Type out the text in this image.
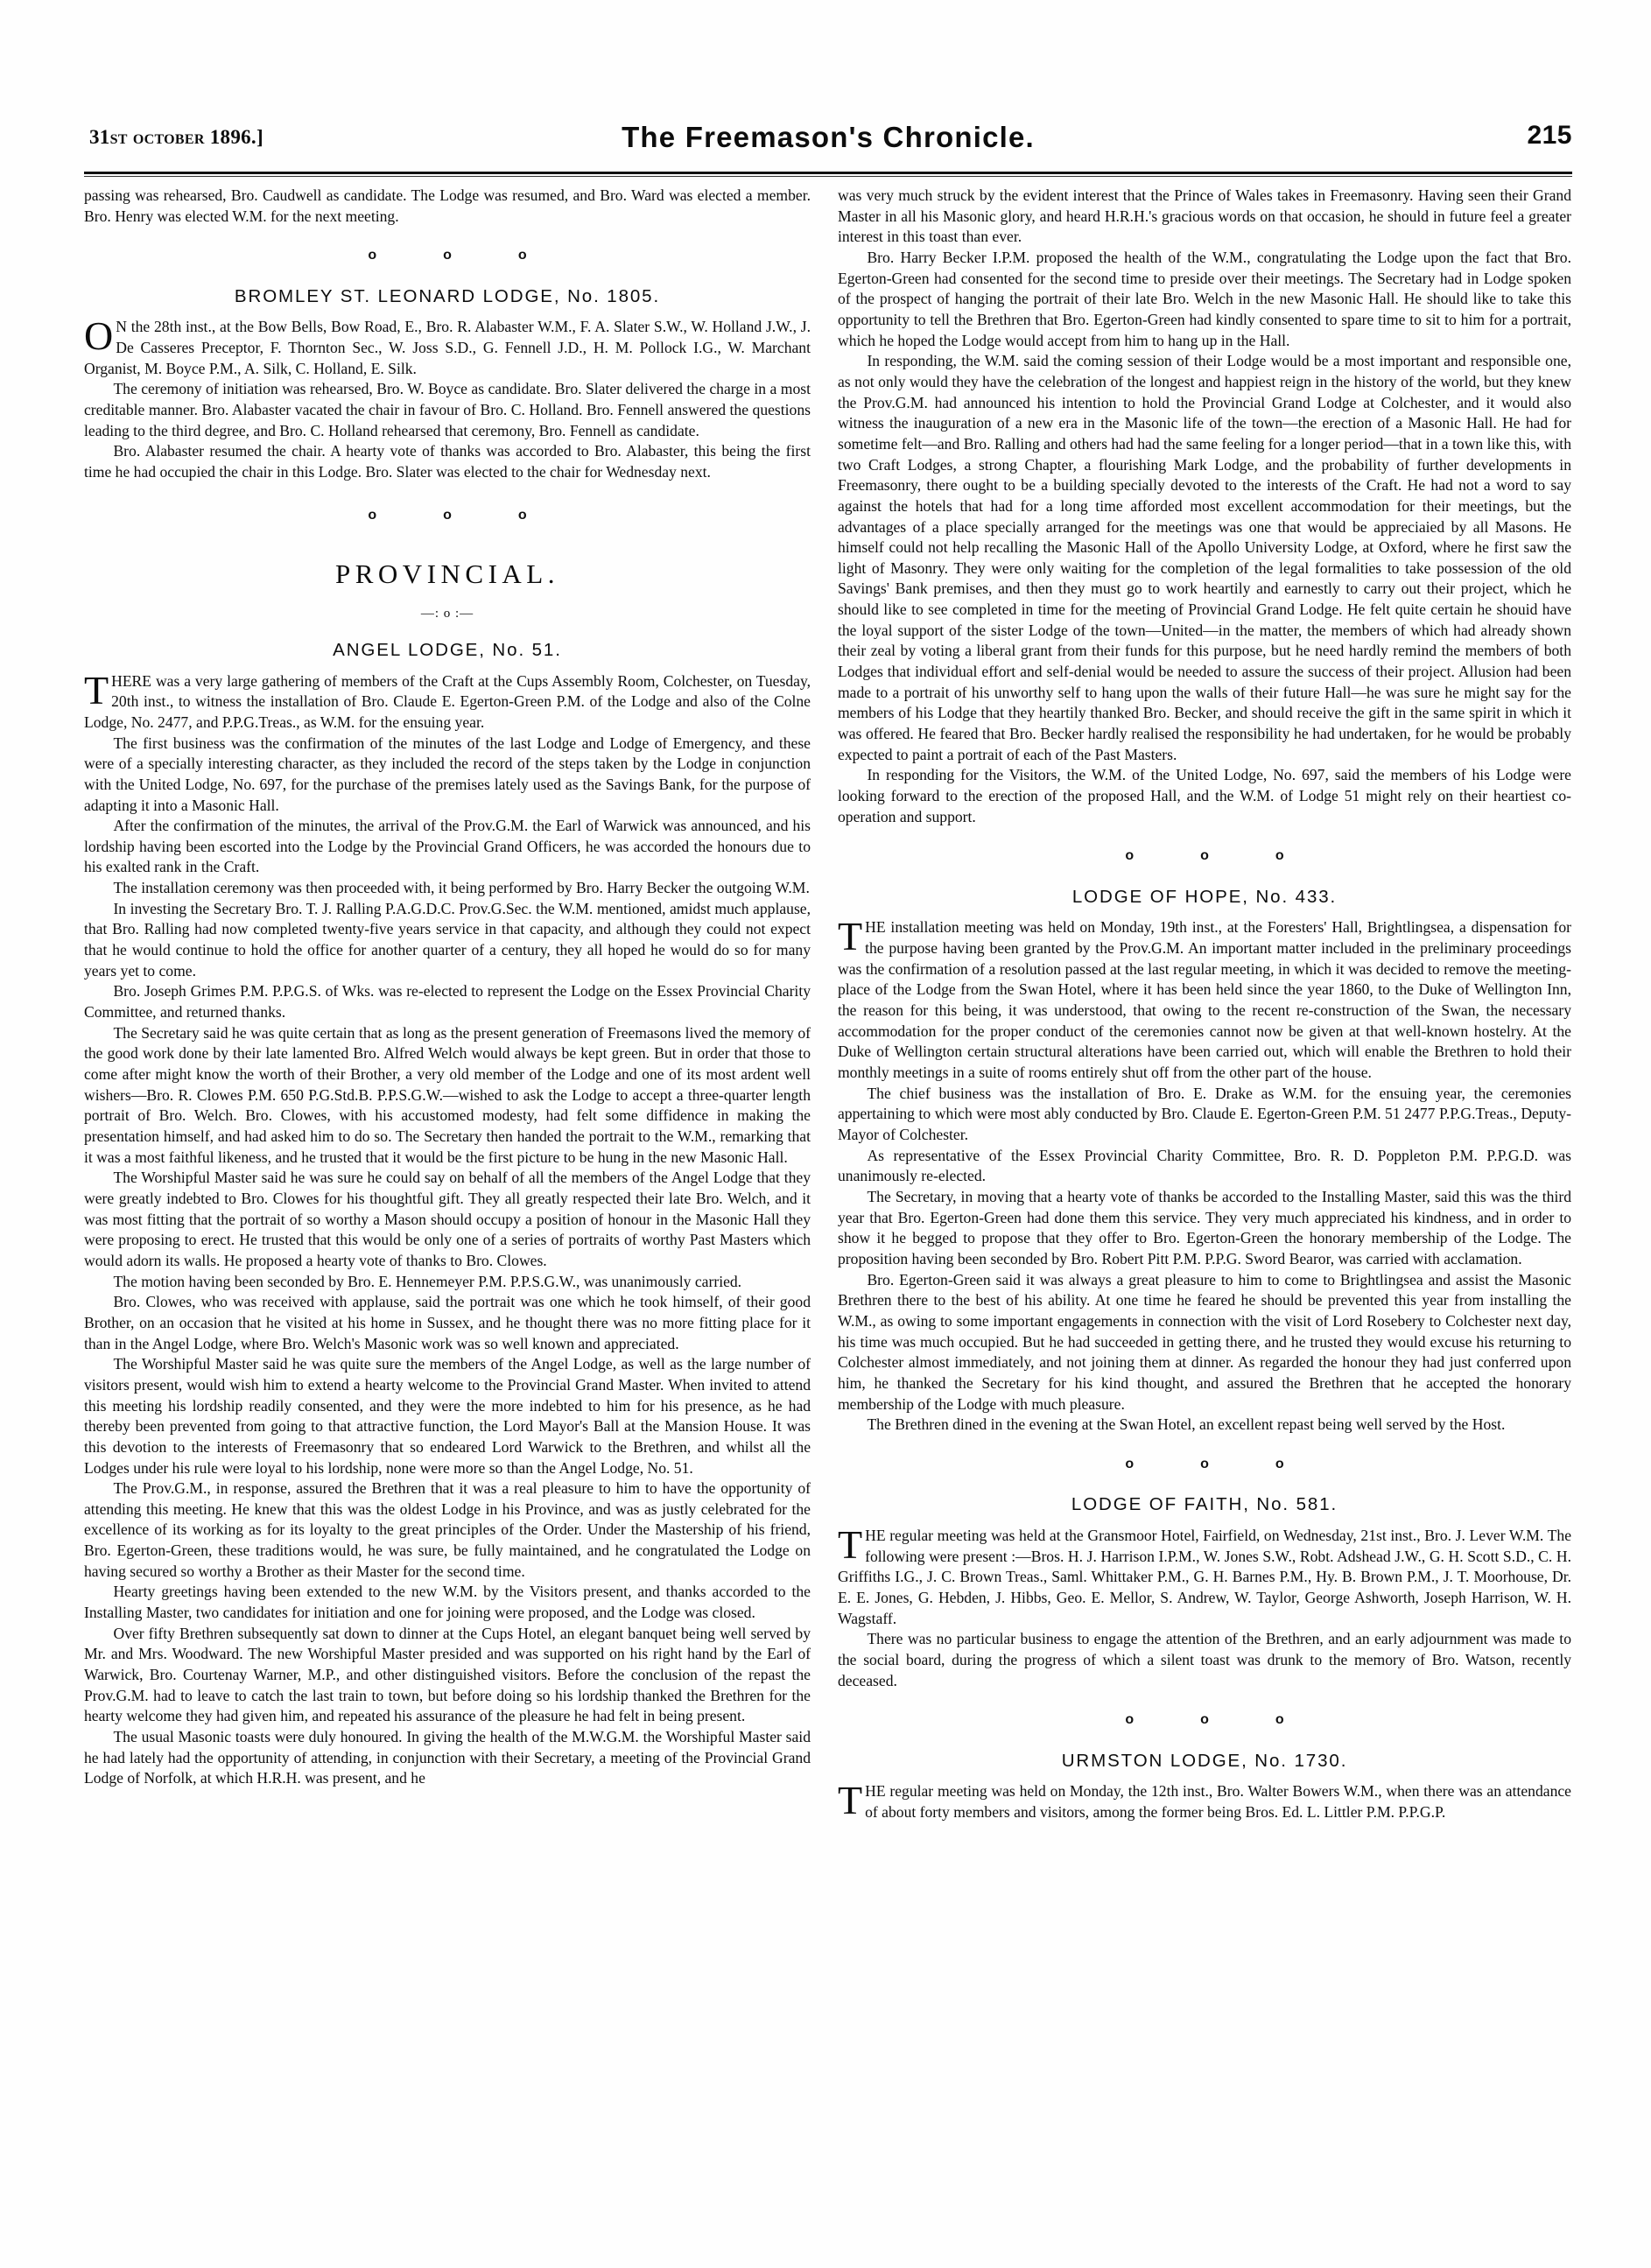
31ST OCTOBER 1896.]	The Freemason's Chronicle.	215

passing was rehearsed, Bro. Caudwell as candidate. The Lodge was resumed, and Bro. Ward was elected a member. Bro. Henry was elected W.M. for the next meeting.

o o o
BROMLEY ST. LEONARD LODGE, No. 1805.

ON the 28th inst., at the Bow Bells, Bow Road, E., Bro. R. Alabaster W.M., F. A. Slater S.W., W. Holland J.W., J. De Casseres Preceptor, F. Thornton Sec., W. Joss S.D., G. Fennell J.D., H. M. Pollock I.G., W. Marchant Organist, M. Boyce P.M., A. Silk, C. Holland, E. Silk.

The ceremony of initiation was rehearsed, Bro. W. Boyce as candidate. Bro. Slater delivered the charge in a most creditable manner. Bro. Alabaster vacated the chair in favour of Bro. C. Holland. Bro. Fennell answered the questions leading to the third degree, and Bro. C. Holland rehearsed that ceremony, Bro. Fennell as candidate.

Bro. Alabaster resumed the chair. A hearty vote of thanks was accorded to Bro. Alabaster, this being the first time he had occupied the chair in this Lodge. Bro. Slater was elected to the chair for Wednesday next.

o o o
PROVINCIAL.
—: o :—
ANGEL LODGE, No. 51.

THERE was a very large gathering of members of the Craft at the Cups Assembly Room, Colchester, on Tuesday, 20th inst., to witness the installation of Bro. Claude E. Egerton-Green P.M. of the Lodge and also of the Colne Lodge, No. 2477, and P.P.G.Treas., as W.M. for the ensuing year.

The first business was the confirmation of the minutes of the last Lodge and Lodge of Emergency, and these were of a specially interesting character, as they included the record of the steps taken by the Lodge in conjunction with the United Lodge, No. 697, for the purchase of the premises lately used as the Savings Bank, for the purpose of adapting it into a Masonic Hall.

After the confirmation of the minutes, the arrival of the Prov.G.M. the Earl of Warwick was announced, and his lordship having been escorted into the Lodge by the Provincial Grand Officers, he was accorded the honours due to his exalted rank in the Craft.

The installation ceremony was then proceeded with, it being performed by Bro. Harry Becker the outgoing W.M.

In investing the Secretary Bro. T. J. Ralling P.A.G.D.C. Prov.G.Sec. the W.M. mentioned, amidst much applause, that Bro. Ralling had now completed twenty-five years service in that capacity, and although they could not expect that he would continue to hold the office for another quarter of a century, they all hoped he would do so for many years yet to come.

Bro. Joseph Grimes P.M. P.P.G.S. of Wks. was re-elected to represent the Lodge on the Essex Provincial Charity Committee, and returned thanks.

The Secretary said he was quite certain that as long as the present generation of Freemasons lived the memory of the good work done by their late lamented Bro. Alfred Welch would always be kept green. But in order that those to come after might know the worth of their Brother, a very old member of the Lodge and one of its most ardent well wishers—Bro. R. Clowes P.M. 650 P.G.Std.B. P.P.S.G.W.—wished to ask the Lodge to accept a three-quarter length portrait of Bro. Welch. Bro. Clowes, with his accustomed modesty, had felt some diffidence in making the presentation himself, and had asked him to do so. The Secretary then handed the portrait to the W.M., remarking that it was a most faithful likeness, and he trusted that it would be the first picture to be hung in the new Masonic Hall.

The Worshipful Master said he was sure he could say on behalf of all the members of the Angel Lodge that they were greatly indebted to Bro. Clowes for his thoughtful gift. They all greatly respected their late Bro. Welch, and it was most fitting that the portrait of so worthy a Mason should occupy a position of honour in the Masonic Hall they were proposing to erect. He trusted that this would be only one of a series of portraits of worthy Past Masters which would adorn its walls. He proposed a hearty vote of thanks to Bro. Clowes.

The motion having been seconded by Bro. E. Hennemeyer P.M. P.P.S.G.W., was unanimously carried.

Bro. Clowes, who was received with applause, said the portrait was one which he took himself, of their good Brother, on an occasion that he visited at his home in Sussex, and he thought there was no more fitting place for it than in the Angel Lodge, where Bro. Welch's Masonic work was so well known and appreciated.

The Worshipful Master said he was quite sure the members of the Angel Lodge, as well as the large number of visitors present, would wish him to extend a hearty welcome to the Provincial Grand Master. When invited to attend this meeting his lordship readily consented, and they were the more indebted to him for his presence, as he had thereby been prevented from going to that attractive function, the Lord Mayor's Ball at the Mansion House. It was this devotion to the interests of Freemasonry that so endeared Lord Warwick to the Brethren, and whilst all the Lodges under his rule were loyal to his lordship, none were more so than the Angel Lodge, No. 51.

The Prov.G.M., in response, assured the Brethren that it was a real pleasure to him to have the opportunity of attending this meeting. He knew that this was the oldest Lodge in his Province, and was as justly celebrated for the excellence of its working as for its loyalty to the great principles of the Order. Under the Mastership of his friend, Bro. Egerton-Green, these traditions would, he was sure, be fully maintained, and he congratulated the Lodge on having secured so worthy a Brother as their Master for the second time.

Hearty greetings having been extended to the new W.M. by the Visitors present, and thanks accorded to the Installing Master, two candidates for initiation and one for joining were proposed, and the Lodge was closed.

Over fifty Brethren subsequently sat down to dinner at the Cups Hotel, an elegant banquet being well served by Mr. and Mrs. Woodward. The new Worshipful Master presided and was supported on his right hand by the Earl of Warwick, Bro. Courtenay Warner, M.P., and other distinguished visitors. Before the conclusion of the repast the Prov.G.M. had to leave to catch the last train to town, but before doing so his lordship thanked the Brethren for the hearty welcome they had given him, and repeated his assurance of the pleasure he had felt in being present.

The usual Masonic toasts were duly honoured. In giving the health of the M.W.G.M. the Worshipful Master said he had lately had the opportunity of attending, in conjunction with their Secretary, a meeting of the Provincial Grand Lodge of Norfolk, at which H.R.H. was present, and he

was very much struck by the evident interest that the Prince of Wales takes in Freemasonry. Having seen their Grand Master in all his Masonic glory, and heard H.R.H.'s gracious words on that occasion, he should in future feel a greater interest in this toast than ever.

Bro. Harry Becker I.P.M. proposed the health of the W.M., congratulating the Lodge upon the fact that Bro. Egerton-Green had consented for the second time to preside over their meetings. The Secretary had in Lodge spoken of the prospect of hanging the portrait of their late Bro. Welch in the new Masonic Hall. He should like to take this opportunity to tell the Brethren that Bro. Egerton-Green had kindly consented to spare time to sit to him for a portrait, which he hoped the Lodge would accept from him to hang up in the Hall.

In responding, the W.M. said the coming session of their Lodge would be a most important and responsible one, as not only would they have the celebration of the longest and happiest reign in the history of the world, but they knew the Prov.G.M. had announced his intention to hold the Provincial Grand Lodge at Colchester, and it would also witness the inauguration of a new era in the Masonic life of the town—the erection of a Masonic Hall. He had for sometime felt—and Bro. Ralling and others had had the same feeling for a longer period—that in a town like this, with two Craft Lodges, a strong Chapter, a flourishing Mark Lodge, and the probability of further developments in Freemasonry, there ought to be a building specially devoted to the interests of the Craft. He had not a word to say against the hotels that had for a long time afforded most excellent accommodation for their meetings, but the advantages of a place specially arranged for the meetings was one that would be appreciaied by all Masons. He himself could not help recalling the Masonic Hall of the Apollo University Lodge, at Oxford, where he first saw the light of Masonry. They were only waiting for the completion of the legal formalities to take possession of the old Savings' Bank premises, and then they must go to work heartily and earnestly to carry out their project, which he should like to see completed in time for the meeting of Provincial Grand Lodge. He felt quite certain he shouid have the loyal support of the sister Lodge of the town—United—in the matter, the members of which had already shown their zeal by voting a liberal grant from their funds for this purpose, but he need hardly remind the members of both Lodges that individual effort and self-denial would be needed to assure the success of their project. Allusion had been made to a portrait of his unworthy self to hang upon the walls of their future Hall—he was sure he might say for the members of his Lodge that they heartily thanked Bro. Becker, and should receive the gift in the same spirit in which it was offered. He feared that Bro. Becker hardly realised the responsibility he had undertaken, for he would be probably expected to paint a portrait of each of the Past Masters.

In responding for the Visitors, the W.M. of the United Lodge, No. 697, said the members of his Lodge were looking forward to the erection of the proposed Hall, and the W.M. of Lodge 51 might rely on their heartiest co-operation and support.

o o o
LODGE OF HOPE, No. 433.

THE installation meeting was held on Monday, 19th inst., at the Foresters' Hall, Brightlingsea, a dispensation for the purpose having been granted by the Prov.G.M. An important matter included in the preliminary proceedings was the confirmation of a resolution passed at the last regular meeting, in which it was decided to remove the meeting-place of the Lodge from the Swan Hotel, where it has been held since the year 1860, to the Duke of Wellington Inn, the reason for this being, it was understood, that owing to the recent re-construction of the Swan, the necessary accommodation for the proper conduct of the ceremonies cannot now be given at that well-known hostelry. At the Duke of Wellington certain structural alterations have been carried out, which will enable the Brethren to hold their monthly meetings in a suite of rooms entirely shut off from the other part of the house.

The chief business was the installation of Bro. E. Drake as W.M. for the ensuing year, the ceremonies appertaining to which were most ably conducted by Bro. Claude E. Egerton-Green P.M. 51 2477 P.P.G.Treas., Deputy-Mayor of Colchester.

As representative of the Essex Provincial Charity Committee, Bro. R. D. Poppleton P.M. P.P.G.D. was unanimously re-elected.

The Secretary, in moving that a hearty vote of thanks be accorded to the Installing Master, said this was the third year that Bro. Egerton-Green had done them this service. They very much appreciated his kindness, and in order to show it he begged to propose that they offer to Bro. Egerton-Green the honorary membership of the Lodge. The proposition having been seconded by Bro. Robert Pitt P.M. P.P.G. Sword Bearor, was carried with acclamation.

Bro. Egerton-Green said it was always a great pleasure to him to come to Brightlingsea and assist the Masonic Brethren there to the best of his ability. At one time he feared he should be prevented this year from installing the W.M., as owing to some important engagements in connection with the visit of Lord Rosebery to Colchester next day, his time was much occupied. But he had succeeded in getting there, and he trusted they would excuse his returning to Colchester almost immediately, and not joining them at dinner. As regarded the honour they had just conferred upon him, he thanked the Secretary for his kind thought, and assured the Brethren that he accepted the honorary membership of the Lodge with much pleasure.

The Brethren dined in the evening at the Swan Hotel, an excellent repast being well served by the Host.

o o o
LODGE OF FAITH, No. 581.

THE regular meeting was held at the Gransmoor Hotel, Fairfield, on Wednesday, 21st inst., Bro. J. Lever W.M. The following were present :—Bros. H. J. Harrison I.P.M., W. Jones S.W., Robt. Adshead J.W., G. H. Scott S.D., C. H. Griffiths I.G., J. C. Brown Treas., Saml. Whittaker P.M., G. H. Barnes P.M., Hy. B. Brown P.M., J. T. Moorhouse, Dr. E. E. Jones, G. Hebden, J. Hibbs, Geo. E. Mellor, S. Andrew, W. Taylor, George Ashworth, Joseph Harrison, W. H. Wagstaff.

There was no particular business to engage the attention of the Brethren, and an early adjournment was made to the social board, during the progress of which a silent toast was drunk to the memory of Bro. Watson, recently deceased.

o o o
URMSTON LODGE, No. 1730.

THE regular meeting was held on Monday, the 12th inst., Bro. Walter Bowers W.M., when there was an attendance of about forty members and visitors, among the former being Bros. Ed. L. Littler P.M. P.P.G.P.
